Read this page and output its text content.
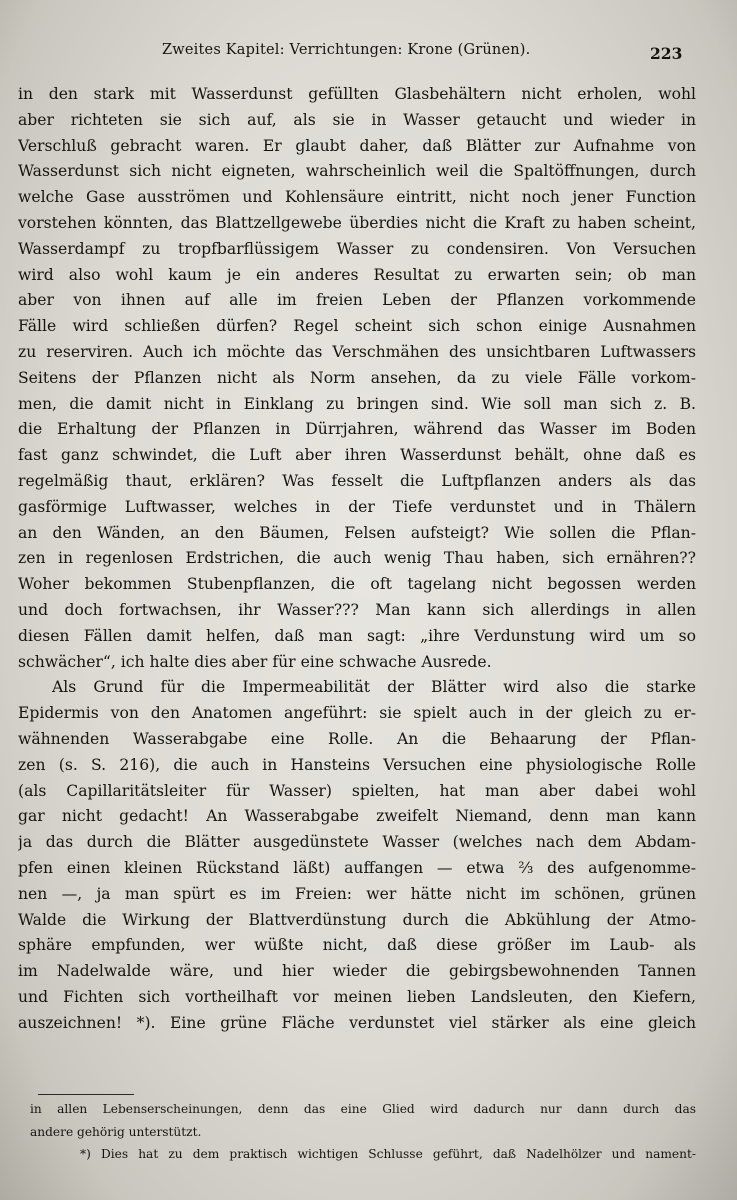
Zweites Kapitel: Verrichtungen: Krone (Grünen).	223
in den stark mit Wasserdunst gefüllten Glasbehältern nicht erholen, wohl
aber richteten sie sich auf, als sie in Wasser getaucht und wieder in
Verschluß gebracht waren. Er glaubt daher, daß Blätter zur Aufnahme von
Wasserdunst sich nicht eigneten, wahrscheinlich weil die Spaltöffnungen, durch
welche Gase ausströmen und Kohlensäure eintritt, nicht noch jener Function
vorstehen könnten, das Blattzellgewebe überdies nicht die Kraft zu haben scheint,
Wasserdampf zu tropfbarflüssigem Wasser zu condensiren. Von Versuchen
wird also wohl kaum je ein anderes Resultat zu erwarten sein; ob man
aber von ihnen auf alle im freien Leben der Pflanzen vorkommende
Fälle wird schließen dürfen? Regel scheint sich schon einige Ausnahmen
zu reserviren. Auch ich möchte das Verschmähen des unsichtbaren Luftwassers
Seitens der Pflanzen nicht als Norm ansehen, da zu viele Fälle vorkom-
men, die damit nicht in Einklang zu bringen sind. Wie soll man sich z. B.
die Erhaltung der Pflanzen in Dürrjahren, während das Wasser im Boden
fast ganz schwindet, die Luft aber ihren Wasserdunst behält, ohne daß es
regelmäßig thaut, erklären? Was fesselt die Luftpflanzen anders als das
gasförmige Luftwasser, welches in der Tiefe verdunstet und in Thälern
an den Wänden, an den Bäumen, Felsen aufsteigt? Wie sollen die Pflan-
zen in regenlosen Erdstrichen, die auch wenig Thau haben, sich ernähren??
Woher bekommen Stubenpflanzen, die oft tagelang nicht begossen werden
und doch fortwachsen, ihr Wasser??? Man kann sich allerdings in allen
diesen Fällen damit helfen, daß man sagt: „ihre Verdunstung wird um so
schwächer“, ich halte dies aber für eine schwache Ausrede.
Als Grund für die Impermeabilität der Blätter wird also die starke
Epidermis von den Anatomen angeführt: sie spielt auch in der gleich zu er-
wähnenden Wasserabgabe eine Rolle. An die Behaarung der Pflan-
zen (s. S. 216), die auch in Hansteins Versuchen eine physiologische Rolle
(als Capillaritätsleiter für Wasser) spielten, hat man aber dabei wohl
gar nicht gedacht! An Wasserabgabe zweifelt Niemand, denn man kann
ja das durch die Blätter ausgedünstete Wasser (welches nach dem Abdam-
pfen einen kleinen Rückstand läßt) auffangen — etwa ⅔ des aufgenomme-
nen —, ja man spürt es im Freien: wer hätte nicht im schönen, grünen
Walde die Wirkung der Blattverdünstung durch die Abkühlung der Atmo-
sphäre empfunden, wer wüßte nicht, daß diese größer im Laub- als
im Nadelwalde wäre, und hier wieder die gebirgsbewohnenden Tannen
und Fichten sich vortheilhaft vor meinen lieben Landsleuten, den Kiefern,
auszeichnen! *). Eine grüne Fläche verdunstet viel stärker als eine gleich
in allen Lebenserscheinungen, denn das eine Glied wird dadurch nur dann durch das
andere gehörig unterstützt.
*) Dies hat zu dem praktisch wichtigen Schlusse geführt, daß Nadelhölzer und nament-
